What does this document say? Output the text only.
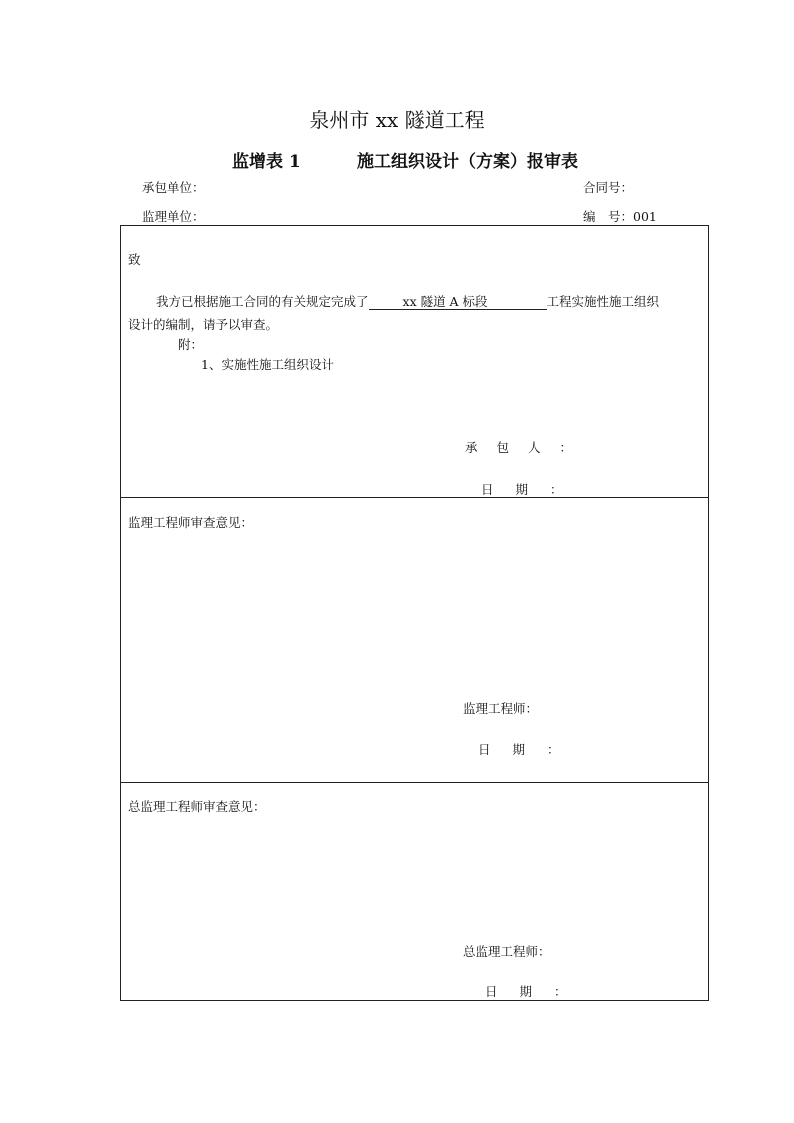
泉州市 xx 隧道工程
监增表 1	施工组织设计（方案）报审表
承包单位：	合同号：
监理单位：	编　号：001
致
我方已根据施工合同的有关规定完成了	xx 隧道 A 标段	工程实施性施工组织
设计的编制，请予以审查。
附：
1、实施性施工组织设计
承包人：
日期：
监理工程师审查意见：
监理工程师：
日期：
总监理工程师审查意见：
总监理工程师：
日期：
